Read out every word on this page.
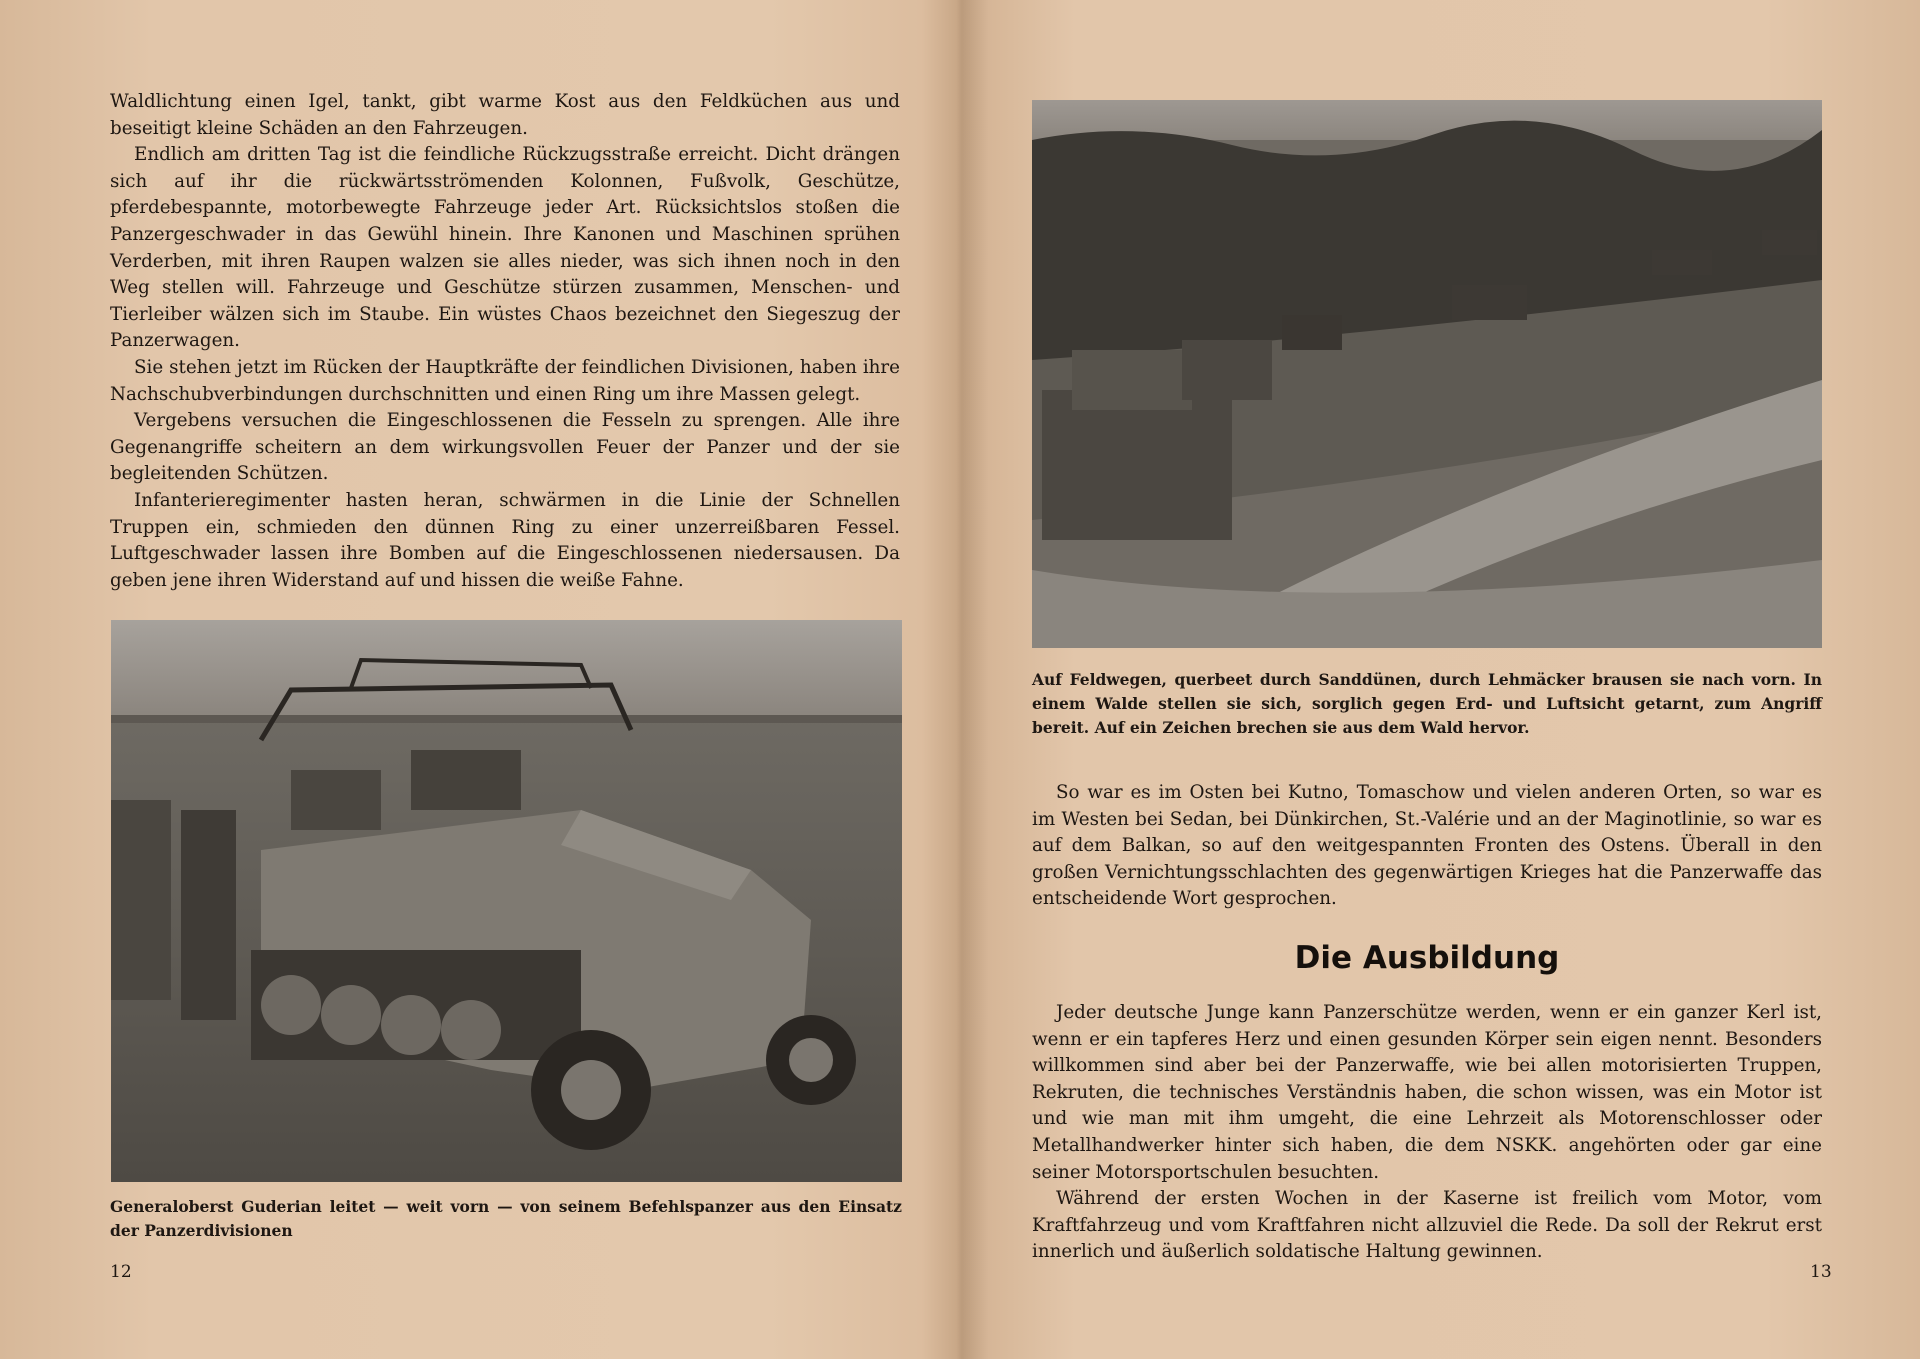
Waldlichtung einen Igel, tankt, gibt warme Kost aus den Feldküchen aus und beseitigt kleine Schäden an den Fahrzeugen.

Endlich am dritten Tag ist die feindliche Rückzugsstraße erreicht. Dicht drängen sich auf ihr die rückwärtsströmenden Kolonnen, Fußvolk, Geschütze, pferdebespannte, motorbewegte Fahrzeuge jeder Art. Rücksichtslos stoßen die Panzergeschwader in das Gewühl hinein. Ihre Kanonen und Maschinen sprühen Verderben, mit ihren Raupen walzen sie alles nieder, was sich ihnen noch in den Weg stellen will. Fahrzeuge und Geschütze stürzen zusammen, Menschen- und Tierleiber wälzen sich im Staube. Ein wüstes Chaos bezeichnet den Siegeszug der Panzerwagen.

Sie stehen jetzt im Rücken der Hauptkräfte der feindlichen Divisionen, haben ihre Nachschubverbindungen durchschnitten und einen Ring um ihre Massen gelegt.

Vergebens versuchen die Eingeschlossenen die Fesseln zu sprengen. Alle ihre Gegenangriffe scheitern an dem wirkungsvollen Feuer der Panzer und der sie begleitenden Schützen.

Infanterieregimenter hasten heran, schwärmen in die Linie der Schnellen Truppen ein, schmieden den dünnen Ring zu einer unzerreißbaren Fessel. Luftgeschwader lassen ihre Bomben auf die Eingeschlossenen niedersausen. Da geben jene ihren Widerstand auf und hissen die weiße Fahne.

Generaloberst Guderian leitet — weit vorn — von seinem Befehlspanzer aus den Einsatz der Panzerdivisionen

12

Auf Feldwegen, querbeet durch Sanddünen, durch Lehmäcker brausen sie nach vorn. In einem Walde stellen sie sich, sorglich gegen Erd- und Luftsicht getarnt, zum Angriff bereit. Auf ein Zeichen brechen sie aus dem Wald hervor.

So war es im Osten bei Kutno, Tomaschow und vielen anderen Orten, so war es im Westen bei Sedan, bei Dünkirchen, St.-Valérie und an der Maginotlinie, so war es auf dem Balkan, so auf den weitgespannten Fronten des Ostens. Überall in den großen Vernichtungsschlachten des gegenwärtigen Krieges hat die Panzerwaffe das entscheidende Wort gesprochen.

Die Ausbildung

Jeder deutsche Junge kann Panzerschütze werden, wenn er ein ganzer Kerl ist, wenn er ein tapferes Herz und einen gesunden Körper sein eigen nennt. Besonders willkommen sind aber bei der Panzerwaffe, wie bei allen motorisierten Truppen, Rekruten, die technisches Verständnis haben, die schon wissen, was ein Motor ist und wie man mit ihm umgeht, die eine Lehrzeit als Motorenschlosser oder Metallhandwerker hinter sich haben, die dem NSKK. angehörten oder gar eine seiner Motorsportschulen besuchten.

Während der ersten Wochen in der Kaserne ist freilich vom Motor, vom Kraftfahrzeug und vom Kraftfahren nicht allzuviel die Rede. Da soll der Rekrut erst innerlich und äußerlich soldatische Haltung gewinnen.

13
